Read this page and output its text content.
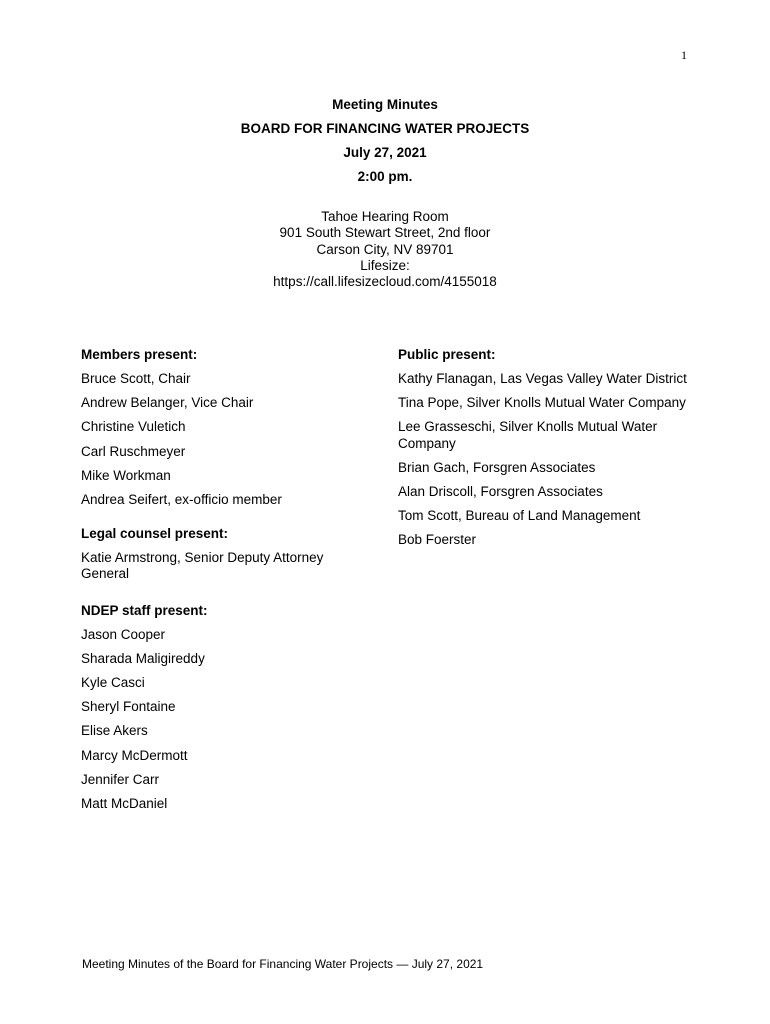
1
Meeting Minutes
BOARD FOR FINANCING WATER PROJECTS
July 27, 2021
2:00 pm.
Tahoe Hearing Room
901 South Stewart Street, 2nd floor
Carson City, NV 89701
Lifesize:
https://call.lifesizecloud.com/4155018
Members present:
Bruce Scott, Chair
Andrew Belanger, Vice Chair
Christine Vuletich
Carl Ruschmeyer
Mike Workman
Andrea Seifert, ex-officio member
Legal counsel present:
Katie Armstrong, Senior Deputy Attorney General
NDEP staff present:
Jason Cooper
Sharada Maligireddy
Kyle Casci
Sheryl Fontaine
Elise Akers
Marcy McDermott
Jennifer Carr
Matt McDaniel
Public present:
Kathy Flanagan, Las Vegas Valley Water District
Tina Pope, Silver Knolls Mutual Water Company
Lee Grasseschi, Silver Knolls Mutual Water Company
Brian Gach, Forsgren Associates
Alan Driscoll, Forsgren Associates
Tom Scott, Bureau of Land Management
Bob Foerster
Meeting Minutes of the Board for Financing Water Projects — July 27, 2021
